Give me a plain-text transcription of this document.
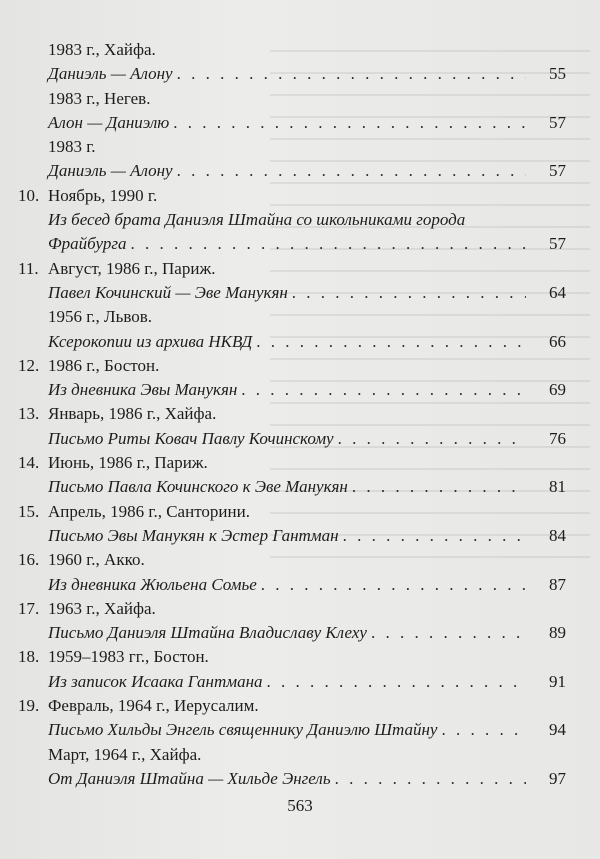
1983 г., Хайфа.
Даниэль — Алону . . .	55
1983 г., Негев.
Алон — Даниэлю . . .	57
1983 г.
Даниэль — Алону . . .	57
10. Ноябрь, 1990 г.
Из бесед брата Даниэля Штайна со школьниками города
Фрайбурга . . .	57
11. Август, 1986 г., Париж.
Павел Кочинский — Эве Манукян . . .	64
1956 г., Львов.
Ксерокопии из архива НКВД . . .	66
12. 1986 г., Бостон.
Из дневника Эвы Манукян . . .	69
13. Январь, 1986 г., Хайфа.
Письмо Риты Ковач Павлу Кочинскому . . .	76
14. Июнь, 1986 г., Париж.
Письмо Павла Кочинского к Эве Манукян . . .	81
15. Апрель, 1986 г., Санторини.
Письмо Эвы Манукян к Эстер Гантман . . .	84
16. 1960 г., Акко.
Из дневника Жюльена Сомье . . .	87
17. 1963 г., Хайфа.
Письмо Даниэля Штайна Владиславу Клеху . . .	89
18. 1959–1983 гг., Бостон.
Из записок Исаака Гантмана . . .	91
19. Февраль, 1964 г., Иерусалим.
Письмо Хильды Энгель священнику Даниэлю Штайну . . .	94
Март, 1964 г., Хайфа.
От Даниэля Штайна — Хильде Энгель . . .	97
563
